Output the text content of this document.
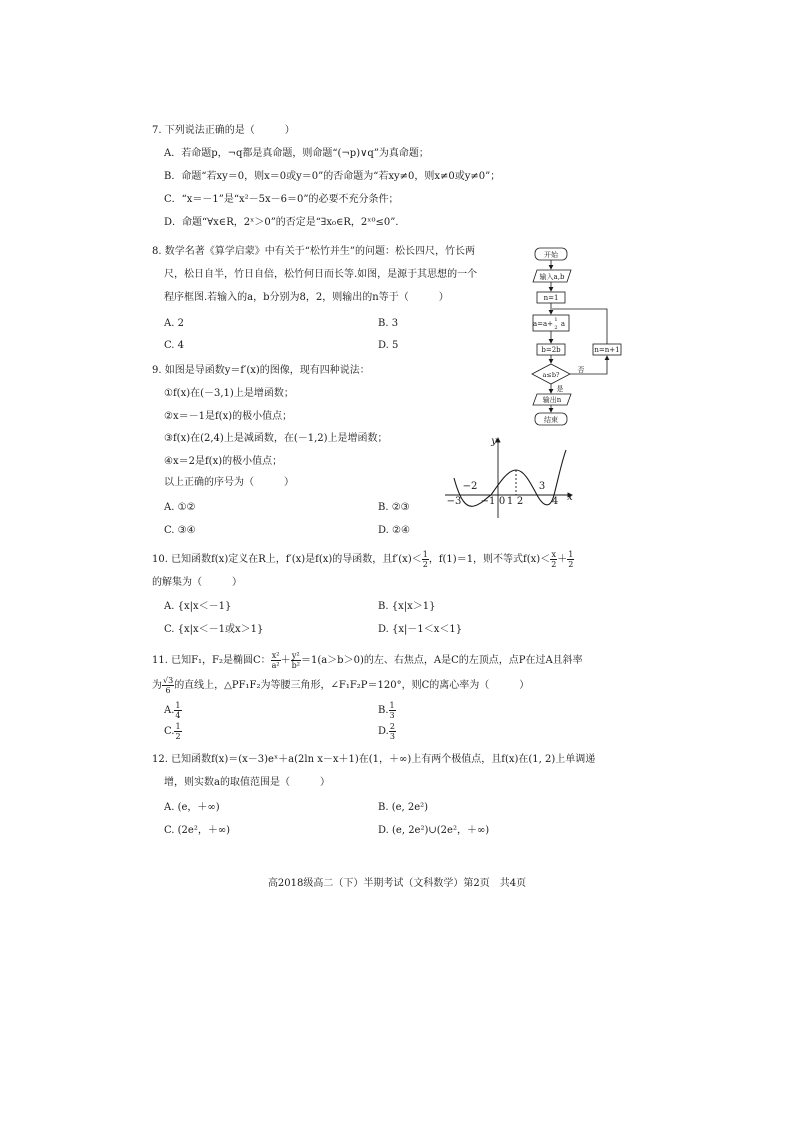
7. 下列说法正确的是（　　　）
A．若命题p，¬q都是真命题，则命题“(¬p)∨q”为真命题；
B．命题“若xy＝0，则x＝0或y＝0”的否命题为“若xy≠0，则x≠0或y≠0”；
C．“x＝－1”是“x²－5x－6＝0”的必要不充分条件；
D．命题“∀x∈R，2ˣ＞0”的否定是“∃x₀∈R，2ˣ⁰≤0”．
8. 数学名著《算学启蒙》中有关于“松竹并生”的问题：松长四尺，竹长两
尺，松日自半，竹日自倍，松竹何日而长等.如图，是源于其思想的一个
程序框图.若输入的a，b分别为8，2，则输出的n等于（　　　）
A. 2	B. 3
C. 4	D. 5
开始
输入a,b
n=1
a=a+ 1
2 a
b=2b
a≤b?
是
否
n=n+1
输出n
结束
9. 如图是导函数y＝f′(x)的图像，现有四种说法：
①f(x)在(－3,1)上是增函数；
②x＝－1是f(x)的极小值点；
③f(x)在(2,4)上是减函数，在(－1,2)上是增函数；
④x＝2是f(x)的极小值点；
以上正确的序号为（　　　）
A. ①②	B. ②③
C. ③④	D. ②④
y
x
−3
−2
−1 0 1 2
3
4
10. 已知函数f(x)定义在R上，f′(x)是f(x)的导函数，且$f'(x)< \frac{1}{2}$ ，f(1)＝1，则不等式$f(x)< \frac{x}{2} + \frac{1}{2}$
的解集为（　　　）
A. {x|x＜－1}	B. {x|x＞1}
C. {x|x＜－1或x＞1}	D. {x|－1＜x＜1}
11. 已知F₁，F₂是椭圆C： $\frac{\text{x²}}{\text{a²}} + \frac{\text{y²}}{\text{b²}} =1(a>b>0)$的左、右焦点，A是C的左顶点，点P在过A且斜率
为 $\frac{√3}{6}$ 的直线上，△PF₁F₂为等腰三角形，∠F₁F₂P＝120°，则C的离心率为（　　　）
A. $\frac{1}{4}$	B. $\frac{1}{3}$
C. $\frac{1}{2}$	D. $\frac{2}{3}$
12. 已知函数f(x)＝(x－3)eˣ＋a(2ln x－x＋1)在(1，＋∞)上有两个极值点，且f(x)在(1, 2)上单调递
增，则实数a的取值范围是（　　　）
A. (e，＋∞)	B. (e, 2e²)
C. (2e²，＋∞)	D. (e, 2e²)∪(2e²，＋∞)
高2018级高二（下）半期考试（文科数学）第2页　共4页
